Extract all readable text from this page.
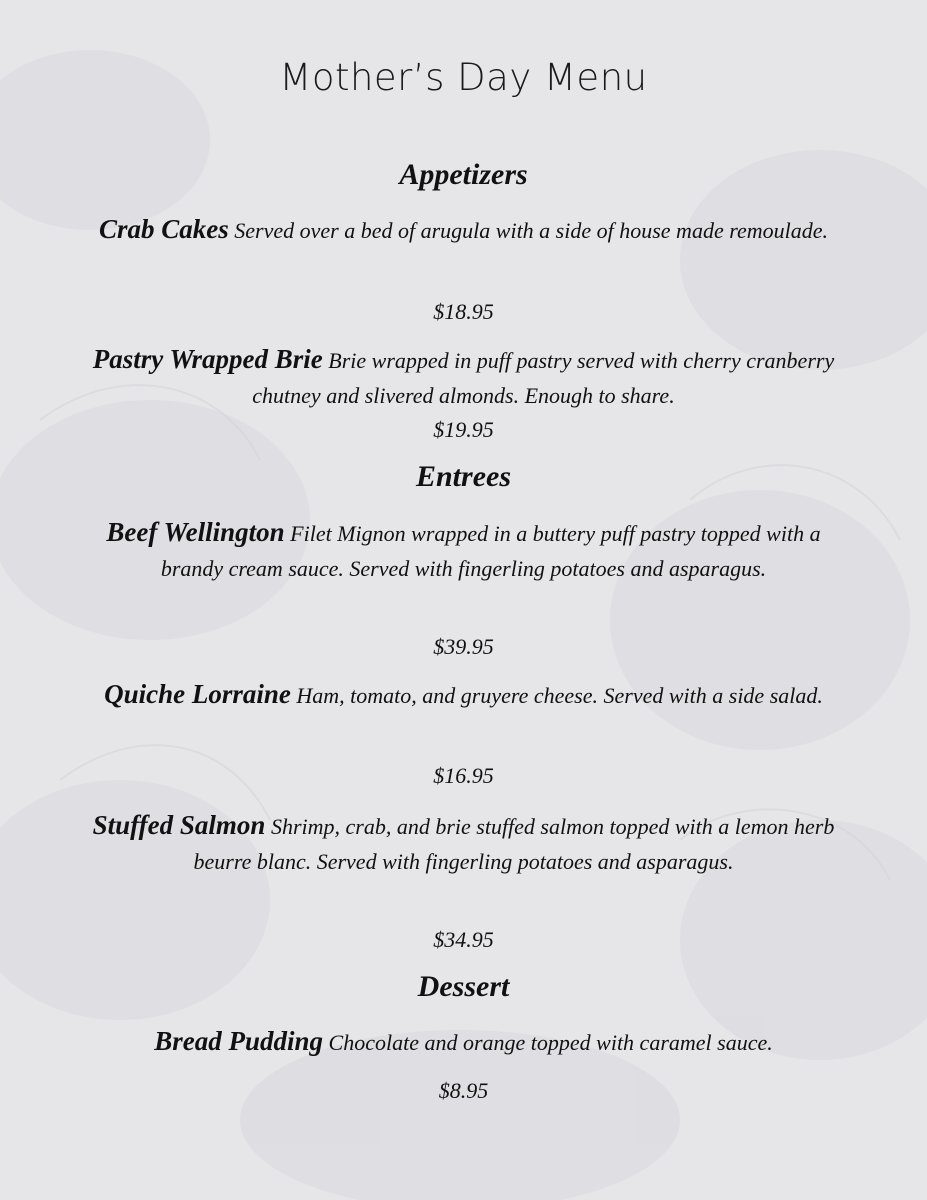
Mother’s Day Menu
Appetizers

Crab Cakes Served over a bed of arugula with a side of house made remoulade.

$18.95

Pastry Wrapped Brie Brie wrapped in puff pastry served with cherry cranberry chutney and slivered almonds. Enough to share.

$19.95

Entrees

Beef Wellington Filet Mignon wrapped in a buttery puff pastry topped with a brandy cream sauce. Served with fingerling potatoes and asparagus.

$39.95

Quiche Lorraine Ham, tomato, and gruyere cheese. Served with a side salad.

$16.95

Stuffed Salmon Shrimp, crab, and brie stuffed salmon topped with a lemon herb beurre blanc. Served with fingerling potatoes and asparagus.

$34.95

Dessert

Bread Pudding Chocolate and orange topped with caramel sauce.

$8.95
